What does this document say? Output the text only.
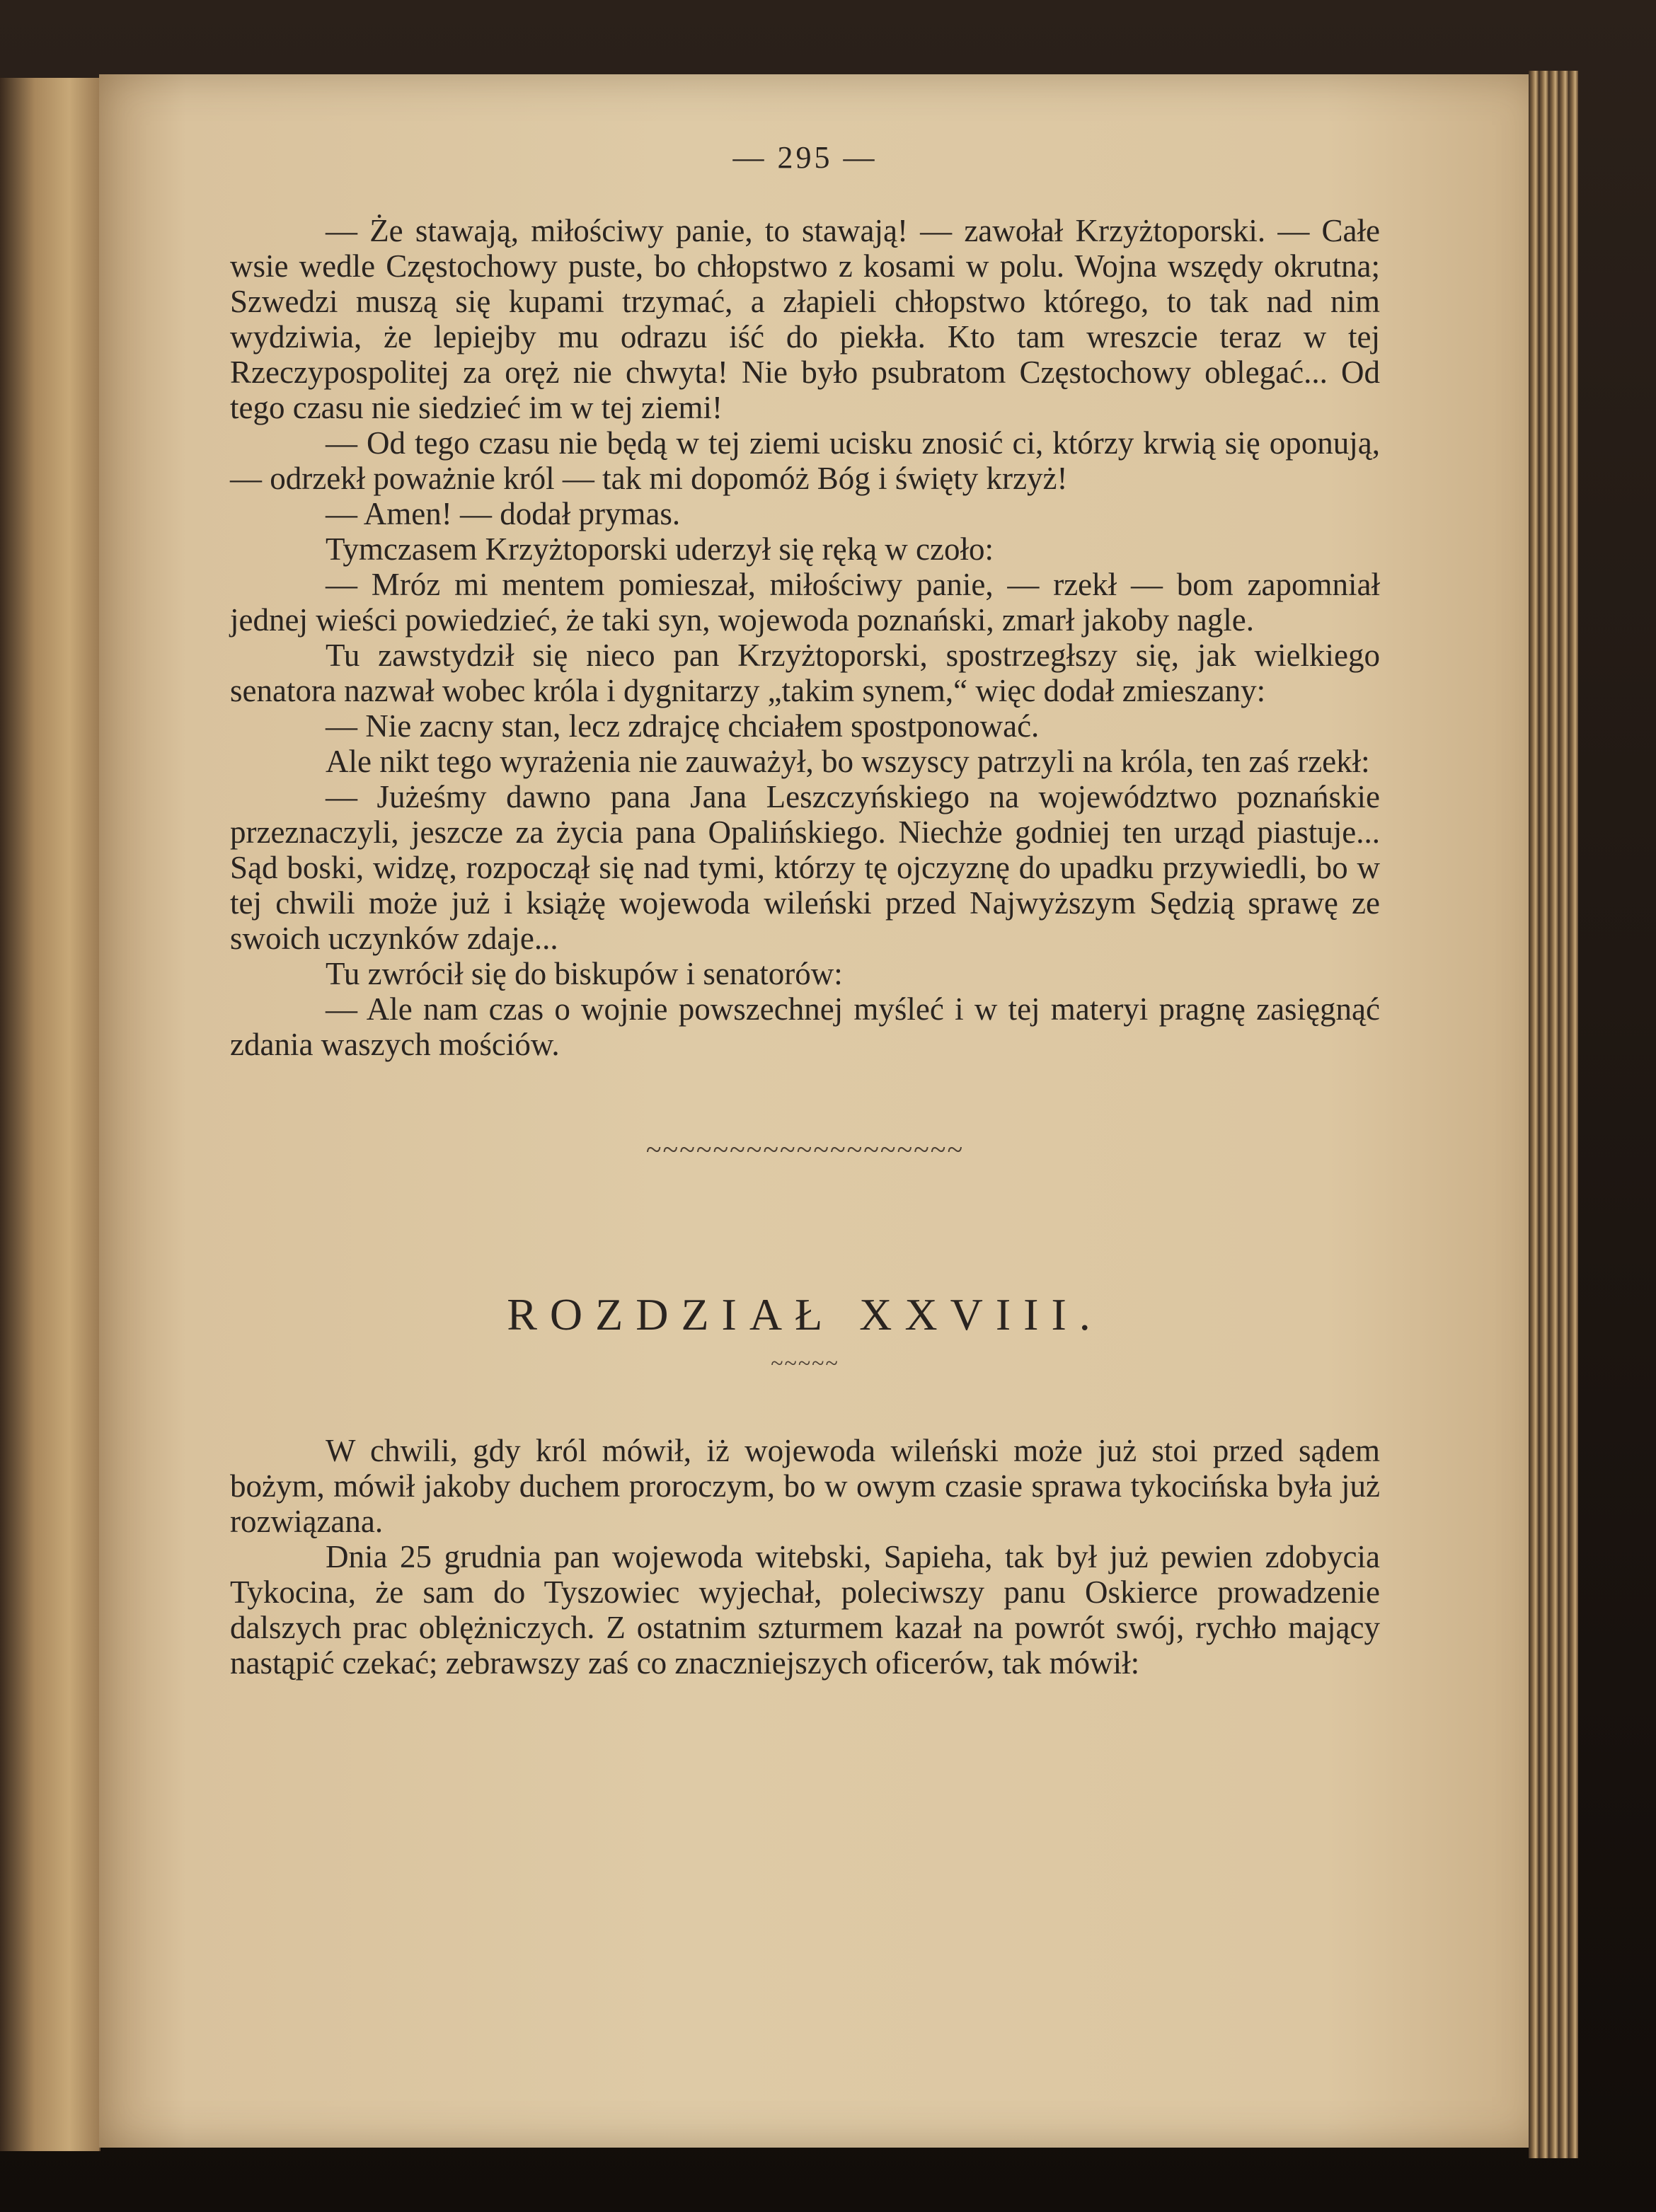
— 295 —

— Że stawają, miłościwy panie, to stawają! — zawołał Krzyżtoporski. — Całe wsie wedle Częstochowy puste, bo chłopstwo z kosami w polu. Wojna wszędy okrutna; Szwedzi muszą się kupami trzymać, a złapieli chłopstwo którego, to tak nad nim wydziwia, że lepiejby mu odrazu iść do piekła. Kto tam wreszcie teraz w tej Rzeczypospolitej za oręż nie chwyta! Nie było psubratom Częstochowy oblegać... Od tego czasu nie siedzieć im w tej ziemi!

— Od tego czasu nie będą w tej ziemi ucisku znosić ci, którzy krwią się oponują, — odrzekł poważnie król — tak mi dopomóż Bóg i święty krzyż!

— Amen! — dodał prymas.

Tymczasem Krzyżtoporski uderzył się ręką w czoło:

— Mróz mi mentem pomieszał, miłościwy panie, — rzekł — bom zapomniał jednej wieści powiedzieć, że taki syn, wojewoda poznański, zmarł jakoby nagle.

Tu zawstydził się nieco pan Krzyżtoporski, spostrzegłszy się, jak wielkiego senatora nazwał wobec króla i dygnitarzy „takim synem,“ więc dodał zmieszany:

— Nie zacny stan, lecz zdrajcę chciałem spostponować.

Ale nikt tego wyrażenia nie zauważył, bo wszyscy patrzyli na króla, ten zaś rzekł:

— Jużeśmy dawno pana Jana Leszczyńskiego na województwo poznańskie przeznaczyli, jeszcze za życia pana Opalińskiego. Niechże godniej ten urząd piastuje... Sąd boski, widzę, rozpoczął się nad tymi, którzy tę ojczyznę do upadku przywiedli, bo w tej chwili może już i książę wojewoda wileński przed Najwyższym Sędzią sprawę ze swoich uczynków zdaje...

Tu zwrócił się do biskupów i senatorów:

— Ale nam czas o wojnie powszechnej myśleć i w tej materyi pragnę zasięgnąć zdania waszych mościów.

~~~~~~~~~~~~~~~~~~~
ROZDZIAŁ XXVIII.
~~~~~

W chwili, gdy król mówił, iż wojewoda wileński może już stoi przed sądem bożym, mówił jakoby duchem proroczym, bo w owym czasie sprawa tykocińska była już rozwiązana.

Dnia 25 grudnia pan wojewoda witebski, Sapieha, tak był już pewien zdobycia Tykocina, że sam do Tyszowiec wyjechał, poleciwszy panu Oskierce prowadzenie dalszych prac oblężniczych. Z ostatnim szturmem kazał na powrót swój, rychło mający nastąpić czekać; zebrawszy zaś co znaczniejszych oficerów, tak mówił:
